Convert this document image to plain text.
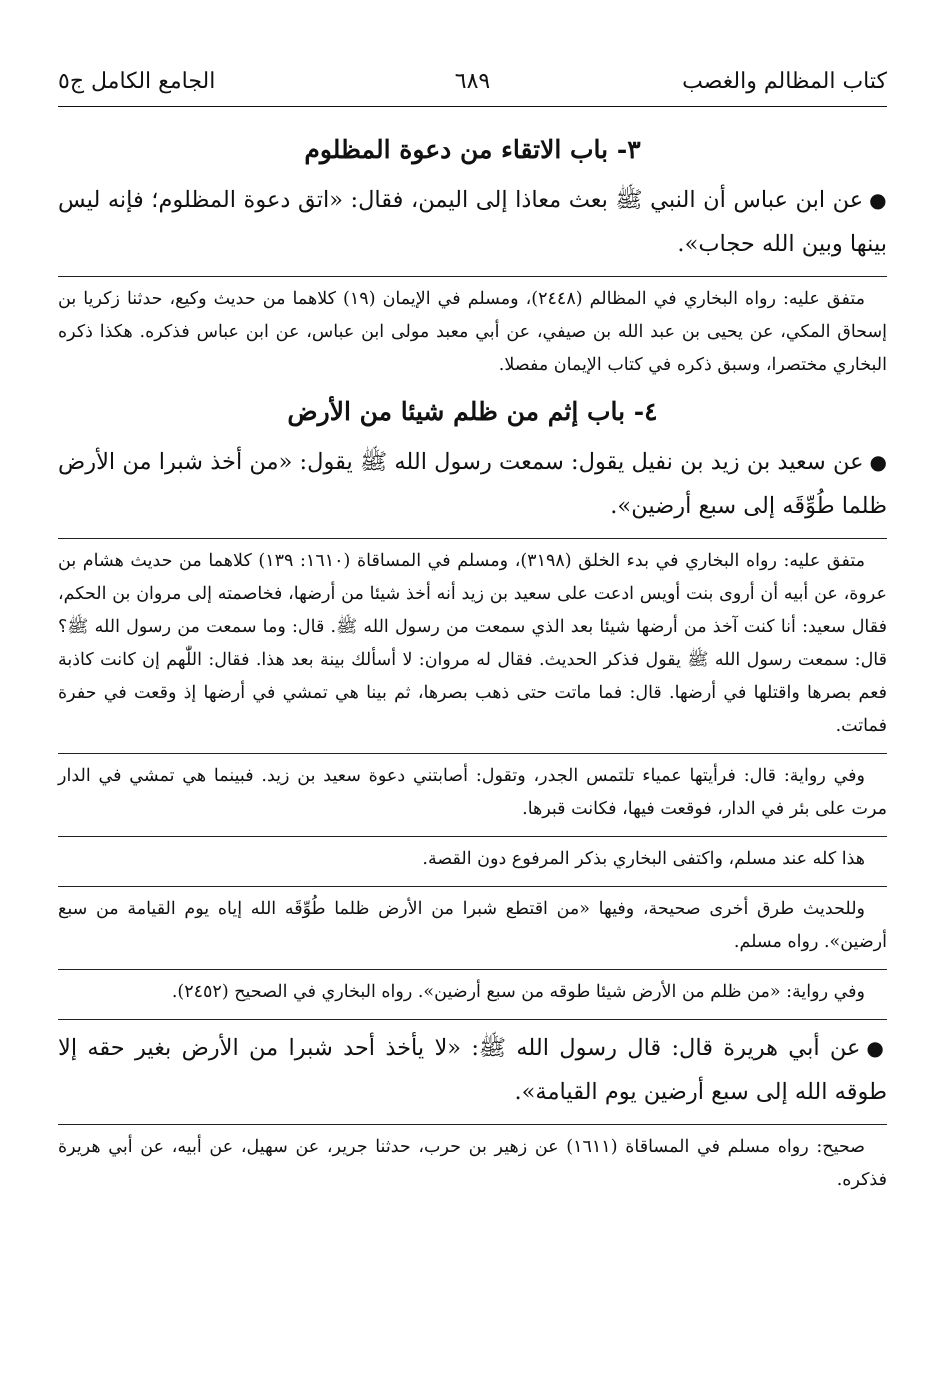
كتاب المظالم والغصب
٦٨٩
الجامع الكامل ج٥
٣- باب الاتقاء من دعوة المظلوم

●عن ابن عباس أن النبي ﷺ بعث معاذا إلى اليمن، فقال: «اتق دعوة المظلوم؛ فإنه ليس بينها وبين الله حجاب».

متفق عليه: رواه البخاري في المظالم (٢٤٤٨)، ومسلم في الإيمان (١٩) كلاهما من حديث وكيع، حدثنا زكريا بن إسحاق المكي، عن يحيى بن عبد الله بن صيفي، عن أبي معبد مولى ابن عباس، عن ابن عباس فذكره. هكذا ذكره البخاري مختصرا، وسبق ذكره في كتاب الإيمان مفصلا.

٤- باب إثم من ظلم شيئا من الأرض

●عن سعيد بن زيد بن نفيل يقول: سمعت رسول الله ﷺ يقول: «من أخذ شبرا من الأرض ظلما طُوِّقَه إلى سبع أرضين».

متفق عليه: رواه البخاري في بدء الخلق (٣١٩٨)، ومسلم في المساقاة (١٦١٠: ١٣٩) كلاهما من حديث هشام بن عروة، عن أبيه أن أروى بنت أويس ادعت على سعيد بن زيد أنه أخذ شيئا من أرضها، فخاصمته إلى مروان بن الحكم، فقال سعيد: أنا كنت آخذ من أرضها شيئا بعد الذي سمعت من رسول الله ﷺ. قال: وما سمعت من رسول الله ﷺ؟ قال: سمعت رسول الله ﷺ يقول فذكر الحديث. فقال له مروان: لا أسألك بينة بعد هذا. فقال: اللّٰهم إن كانت كاذبة فعم بصرها واقتلها في أرضها. قال: فما ماتت حتى ذهب بصرها، ثم بينا هي تمشي في أرضها إذ وقعت في حفرة فماتت.

وفي رواية: قال: فرأيتها عمياء تلتمس الجدر، وتقول: أصابتني دعوة سعيد بن زيد. فبينما هي تمشي في الدار مرت على بئر في الدار، فوقعت فيها، فكانت قبرها.

هذا كله عند مسلم، واكتفى البخاري بذكر المرفوع دون القصة.

وللحديث طرق أخرى صحيحة، وفيها «من اقتطع شبرا من الأرض ظلما طُوِّقَه الله إياه يوم القيامة من سبع أرضين». رواه مسلم.

وفي رواية: «من ظلم من الأرض شيئا طوقه من سبع أرضين». رواه البخاري في الصحيح (٢٤٥٢).

●عن أبي هريرة قال: قال رسول الله ﷺ: «لا يأخذ أحد شبرا من الأرض بغير حقه إلا طوقه الله إلى سبع أرضين يوم القيامة».

صحيح: رواه مسلم في المساقاة (١٦١١) عن زهير بن حرب، حدثنا جرير، عن سهيل، عن أبيه، عن أبي هريرة فذكره.
